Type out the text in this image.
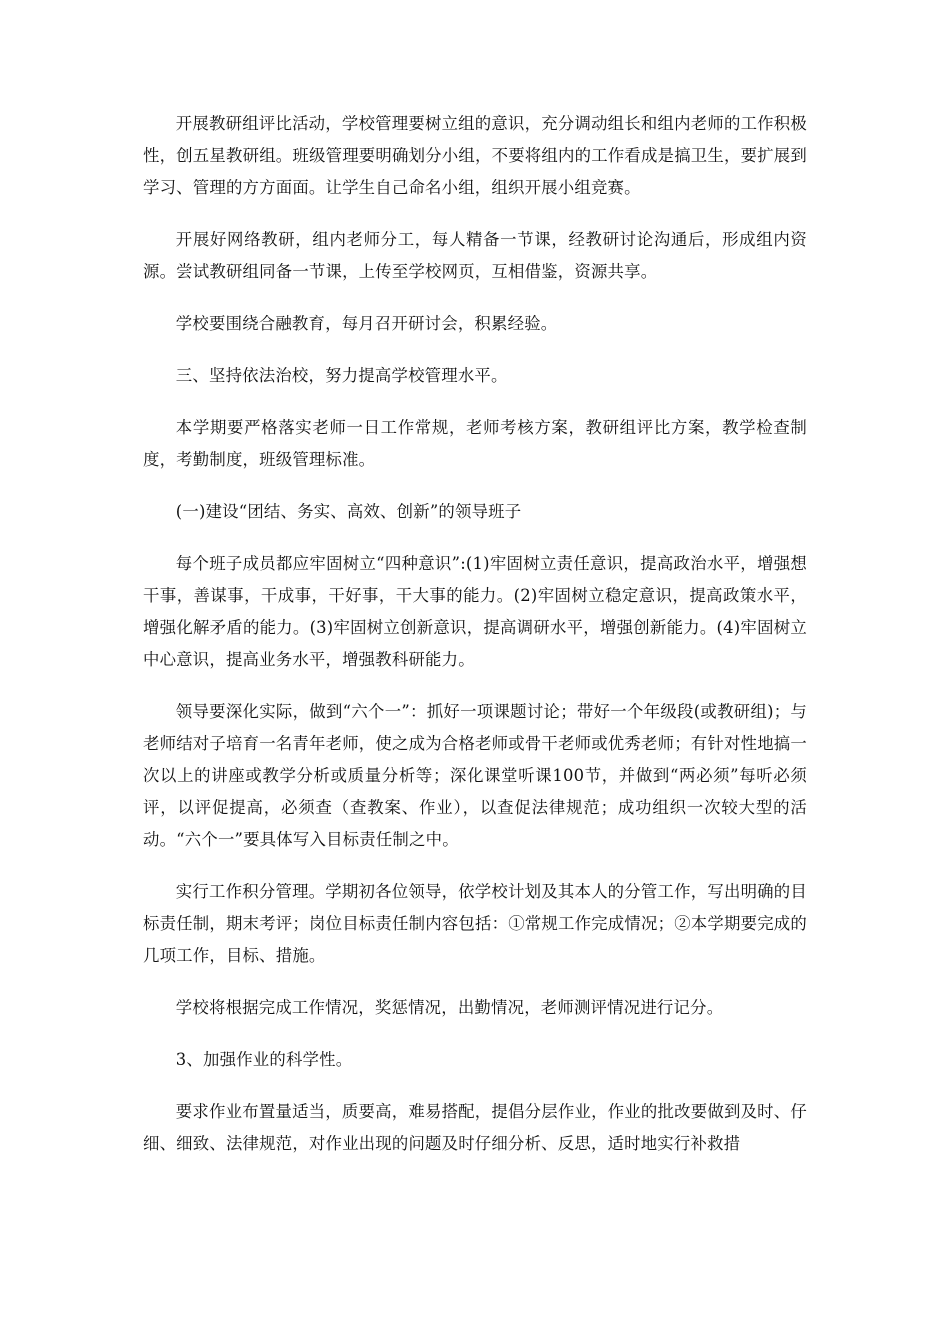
开展教研组评比活动，学校管理要树立组的意识，充分调动组长和组内老师的工作积极性，创五星教研组。班级管理要明确划分小组，不要将组内的工作看成是搞卫生，要扩展到学习、管理的方方面面。让学生自己命名小组，组织开展小组竞赛。

开展好网络教研，组内老师分工，每人精备一节课，经教研讨论沟通后，形成组内资源。尝试教研组同备一节课，上传至学校网页，互相借鉴，资源共享。

学校要围绕合融教育，每月召开研讨会，积累经验。

三、坚持依法治校，努力提高学校管理水平。

本学期要严格落实老师一日工作常规，老师考核方案，教研组评比方案，教学检查制度，考勤制度，班级管理标准。

(一)建设“团结、务实、高效、创新”的领导班子

每个班子成员都应牢固树立“四种意识”:(1)牢固树立责任意识，提高政治水平，增强想干事，善谋事，干成事，干好事，干大事的能力。(2)牢固树立稳定意识，提高政策水平，增强化解矛盾的能力。(3)牢固树立创新意识，提高调研水平，增强创新能力。(4)牢固树立中心意识，提高业务水平，增强教科研能力。

领导要深化实际，做到“六个一”：抓好一项课题讨论；带好一个年级段(或教研组)；与老师结对子培育一名青年老师，使之成为合格老师或骨干老师或优秀老师；有针对性地搞一次以上的讲座或教学分析或质量分析等；深化课堂听课100节，并做到“两必须”每听必须评，以评促提高，必须查（查教案、作业），以查促法律规范；成功组织一次较大型的活动。“六个一”要具体写入目标责任制之中。

实行工作积分管理。学期初各位领导，依学校计划及其本人的分管工作，写出明确的目标责任制，期末考评；岗位目标责任制内容包括：①常规工作完成情况；②本学期要完成的几项工作，目标、措施。

学校将根据完成工作情况，奖惩情况，出勤情况，老师测评情况进行记分。

3、加强作业的科学性。

要求作业布置量适当，质要高，难易搭配，提倡分层作业，作业的批改要做到及时、仔细、细致、法律规范，对作业出现的问题及时仔细分析、反思，适时地实行补救措
